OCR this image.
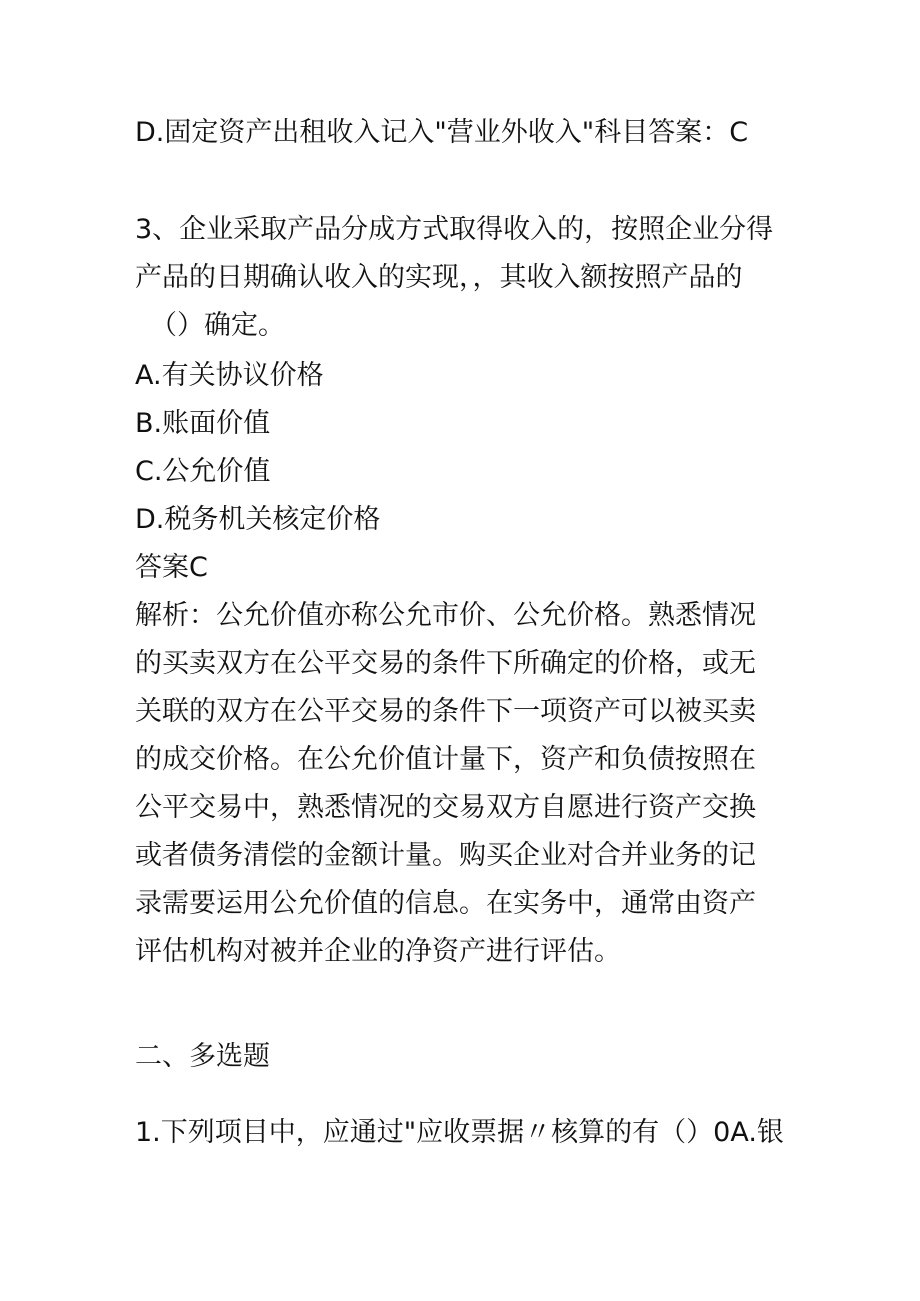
D.固定资产出租收入记入"营业外收入"科目答案：C
3、企业采取产品分成方式取得收入的，按照企业分得
产品的日期确认收入的实现，，其收入额按照产品的
（）确定。
A.有关协议价格
B.账面价值
C.公允价值
D.税务机关核定价格
答案C
解析：公允价值亦称公允市价、公允价格。熟悉情况
的买卖双方在公平交易的条件下所确定的价格，或无
关联的双方在公平交易的条件下一项资产可以被买卖
的成交价格。在公允价值计量下，资产和负债按照在
公平交易中，熟悉情况的交易双方自愿进行资产交换
或者债务清偿的金额计量。购买企业对合并业务的记
录需要运用公允价值的信息。在实务中，通常由资产
评估机构对被并企业的净资产进行评估。
二、多选题
1.下列项目中，应通过"应收票据〃核算的有（）0A.银
